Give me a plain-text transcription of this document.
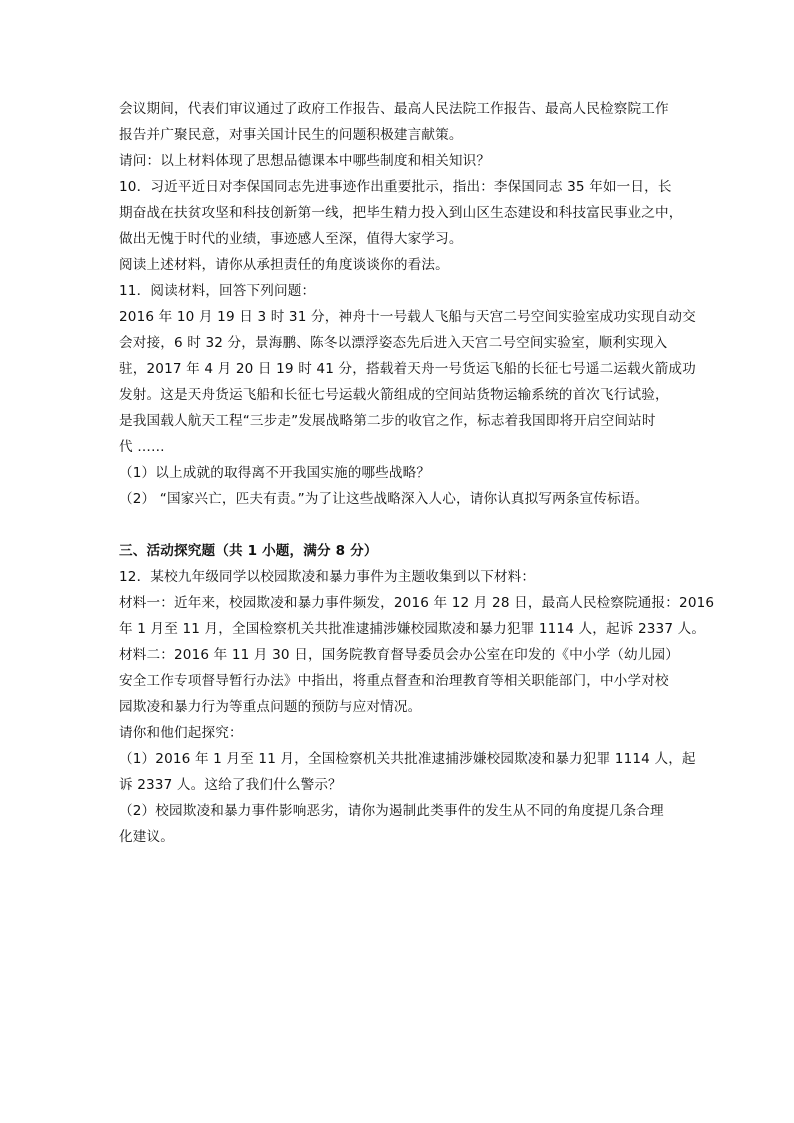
会议期间，代表们审议通过了政府工作报告、最高人民法院工作报告、最高人民检察院工作

报告并广聚民意，对事关国计民生的问题积极建言献策。

请问：以上材料体现了思想品德课本中哪些制度和相关知识？

10．习近平近日对李保国同志先进事迹作出重要批示，指出：李保国同志 35 年如一日，长

期奋战在扶贫攻坚和科技创新第一线，把毕生精力投入到山区生态建设和科技富民事业之中，

做出无愧于时代的业绩，事迹感人至深，值得大家学习。

阅读上述材料，请你从承担责任的角度谈谈你的看法。

11．阅读材料，回答下列问题：

2016 年 10 月 19 日 3 时 31 分，神舟十一号载人飞船与天宫二号空间实验室成功实现自动交

会对接，6 时 32 分，景海鹏、陈冬以漂浮姿态先后进入天宫二号空间实验室，顺利实现入

驻，2017 年 4 月 20 日 19 时 41 分，搭载着天舟一号货运飞船的长征七号遥二运载火箭成功

发射。这是天舟货运飞船和长征七号运载火箭组成的空间站货物运输系统的首次飞行试验，

是我国载人航天工程“三步走”发展战略第二步的收官之作，标志着我国即将开启空间站时

代 ……

（1）以上成就的取得离不开我国实施的哪些战略？

（2） “国家兴亡，匹夫有责。”为了让这些战略深入人心，请你认真拟写两条宣传标语。

三、活动探究题（共 1 小题，满分 8 分）

12．某校九年级同学以校园欺凌和暴力事件为主题收集到以下材料：

材料一：近年来，校园欺凌和暴力事件频发，2016 年 12 月 28 日，最高人民检察院通报：2016

年 1 月至 11 月，全国检察机关共批准逮捕涉嫌校园欺凌和暴力犯罪 1114 人，起诉 2337 人。

材料二：2016 年 11 月 30 日，国务院教育督导委员会办公室在印发的《中小学（幼儿园）

安全工作专项督导暂行办法》中指出，将重点督查和治理教育等相关职能部门，中小学对校

园欺凌和暴力行为等重点问题的预防与应对情况。

请你和他们起探究：

（1）2016 年 1 月至 11 月，全国检察机关共批准逮捕涉嫌校园欺凌和暴力犯罪 1114 人，起

诉 2337 人。这给了我们什么警示？

（2）校园欺凌和暴力事件影响恶劣，请你为遏制此类事件的发生从不同的角度提几条合理

化建议。
